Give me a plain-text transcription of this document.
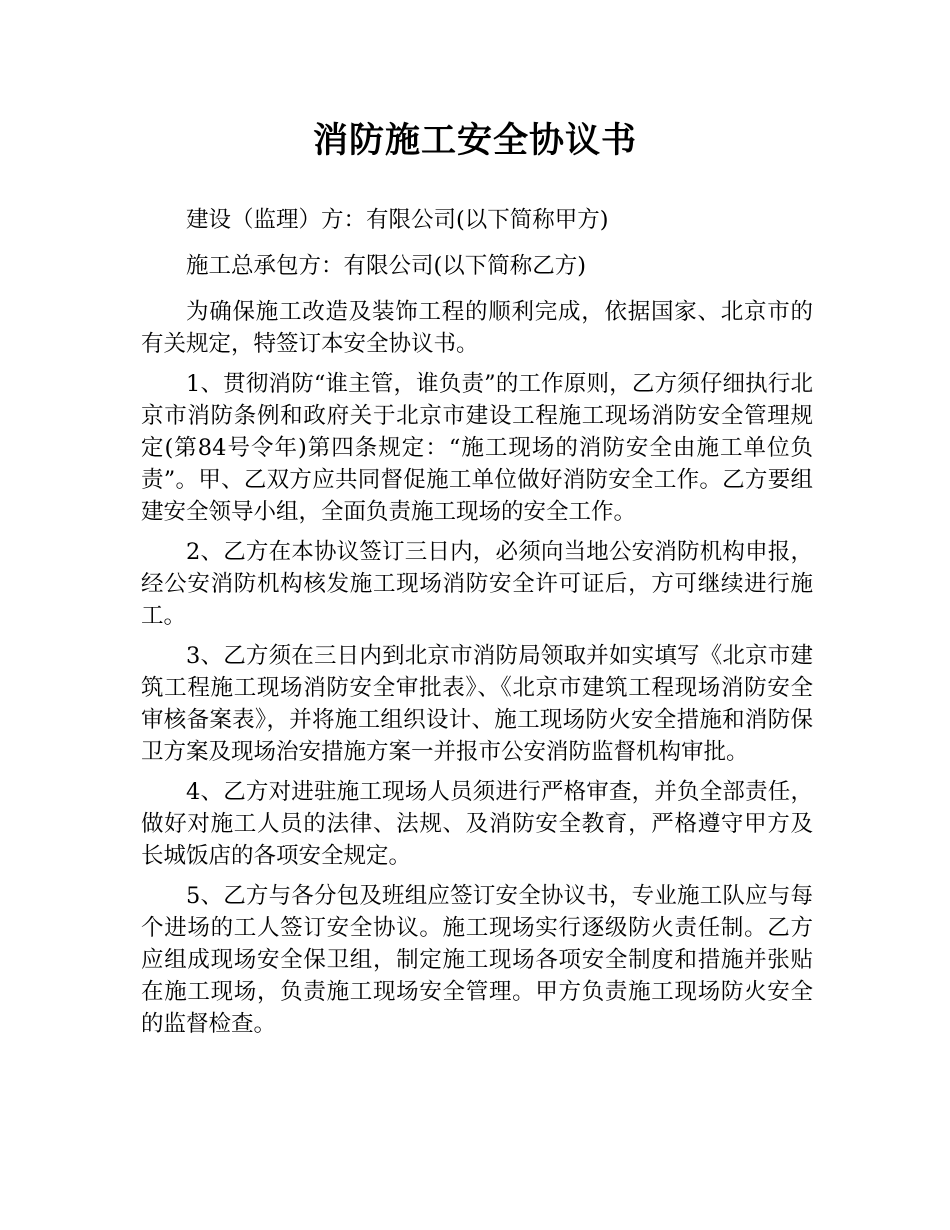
消防施工安全协议书

建设（监理）方：有限公司(以下简称甲方)

施工总承包方：有限公司(以下简称乙方)

为确保施工改造及装饰工程的顺利完成，依据国家、北京市的有关规定，特签订本安全协议书。

1、贯彻消防“谁主管，谁负责”的工作原则，乙方须仔细执行北京市消防条例和政府关于北京市建设工程施工现场消防安全管理规定(第84号令年)第四条规定：“施工现场的消防安全由施工单位负责”。甲、乙双方应共同督促施工单位做好消防安全工作。乙方要组建安全领导小组，全面负责施工现场的安全工作。

2、乙方在本协议签订三日内，必须向当地公安消防机构申报，经公安消防机构核发施工现场消防安全许可证后，方可继续进行施工。

3、乙方须在三日内到北京市消防局领取并如实填写《北京市建筑工程施工现场消防安全审批表》、《北京市建筑工程现场消防安全审核备案表》，并将施工组织设计、施工现场防火安全措施和消防保卫方案及现场治安措施方案一并报市公安消防监督机构审批。

4、乙方对进驻施工现场人员须进行严格审查，并负全部责任，做好对施工人员的法律、法规、及消防安全教育，严格遵守甲方及长城饭店的各项安全规定。

5、乙方与各分包及班组应签订安全协议书，专业施工队应与每个进场的工人签订安全协议。施工现场实行逐级防火责任制。乙方应组成现场安全保卫组，制定施工现场各项安全制度和措施并张贴在施工现场，负责施工现场安全管理。甲方负责施工现场防火安全的监督检查。
